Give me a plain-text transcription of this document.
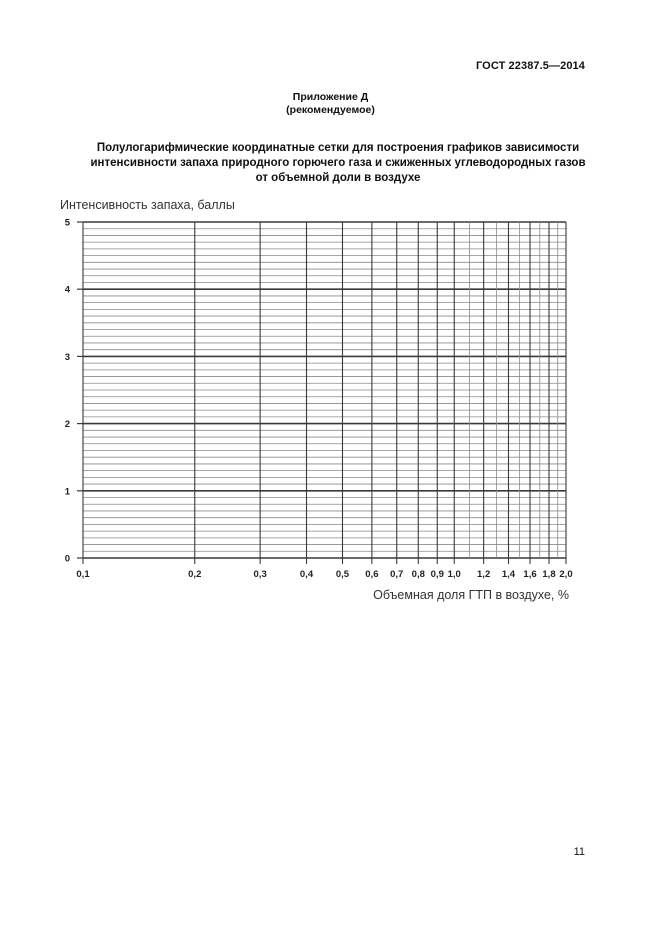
ГОСТ 22387.5—2014
Приложение Д
(рекомендуемое)
Полулогарифмические координатные сетки для построения графиков зависимости
интенсивности запаха природного горючего газа и сжиженных углеводородных газов
от объемной доли в воздухе
Интенсивность запаха, баллы
Объемная доля ГТП в воздухе, %
11
0
1
2
3
4
5
0,1	0,2	0,3	0,4 0,5 0,6 0,7 0,8 0,9 1,0 1,2 1,4 1,6 1,8 2,0
